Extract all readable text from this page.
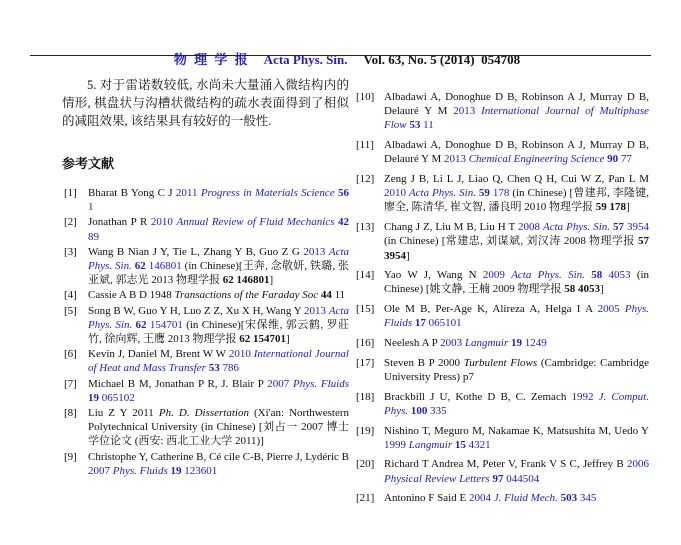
物 理 学 报 Acta Phys. Sin. Vol. 63, No. 5 (2014)  054708

5. 对于雷诺数较低, 水尚未大量涌入微结构内的情形, 棋盘状与沟槽状微结构的疏水表面得到了相似的减阻效果, 该结果具有较好的一般性.

参考文献
[1] Bharat B Yong C J 2011 Progress in Materials Science 56 1
[2] Jonathan P R 2010 Annual Review of Fluid Mechanics 42 89
[3] Wang B Nian J Y, Tie L, Zhang Y B, Guo Z G 2013 Acta Phys. Sin. 62 146801 (in Chinese)[王奔, 念敬妍, 铁璐, 张亚斌, 郭志光 2013 物理学报 62 146801]
[4] Cassie A B D 1948 Transactions of the Faraday Soc 44 11
[5] Song B W, Guo Y H, Luo Z Z, Xu X H, Wang Y 2013 Acta Phys. Sin. 62 154701 (in Chinese)[宋保维, 郭云鹤, 罗莊竹, 徐向辉, 王鹰 2013 物理学报 62 154701]
[6] Kevin J, Daniel M, Brent W W 2010 International Journal of Heat and Mass Transfer 53 786
[7] Michael B M, Jonathan P R, J. Blair P 2007 Phys. Fluids 19 065102
[8] Liu Z Y 2011 Ph. D. Dissertation (Xi'an: Northwestern Polytechnical University (in Chinese) [刘占一 2007 博士学位论文 (西安: 西北工业大学 2011)]
[9] Christophe Y, Catherine B, Cé cile C-B, Pierre J, Lydéric B 2007 Phys. Fluids 19 123601
[10] Albadawi A, Donoghue D B, Robinson A J, Murray D B, Delauré Y M 2013 International Journal of Multiphase Flow 53 11
[11] Albadawi A, Donoghue D B, Robinson A J, Murray D B, Delauré Y M 2013 Chemical Engineering Science 90 77
[12] Zeng J B, Li L J, Liao Q, Chen Q H, Cui W Z, Pan L M 2010 Acta Phys. Sin. 59 178 (in Chinese) [曾建邦, 李隆键, 廖全, 陈清华, 崔文智, 潘良明 2010 物理学报 59 178]
[13] Chang J Z, Liu M B, Liu H T 2008 Acta Phys. Sin. 57 3954 (in Chinese) [常建忠, 刘谋斌, 刘汉涛 2008 物理学报 57 3954]
[14] Yao W J, Wang N 2009 Acta Phys. Sin. 58 4053 (in Chinese) [姚文静, 王楠 2009 物理学报 58 4053]
[15] Ole M B, Per-Age K, Alireza A, Helga I A 2005 Phys. Fluids 17 065101
[16] Neelesh A P 2003 Langmuir 19 1249
[17] Steven B P 2000 Turbulent Flows (Cambridge: Cambridge University Press) p7
[18] Brackbill J U, Kothe D B, C. Zemach 1992 J. Comput. Phys. 100 335
[19] Nishino T, Meguro M, Nakamae K, Matsushita M, Uedo Y 1999 Langmuir 15 4321
[20] Richard T Andrea M, Peter V, Frank V S C, Jeffrey B 2006 Physical Review Letters 97 044504
[21] Antonino F Said E 2004 J. Fluid Mech. 503 345
